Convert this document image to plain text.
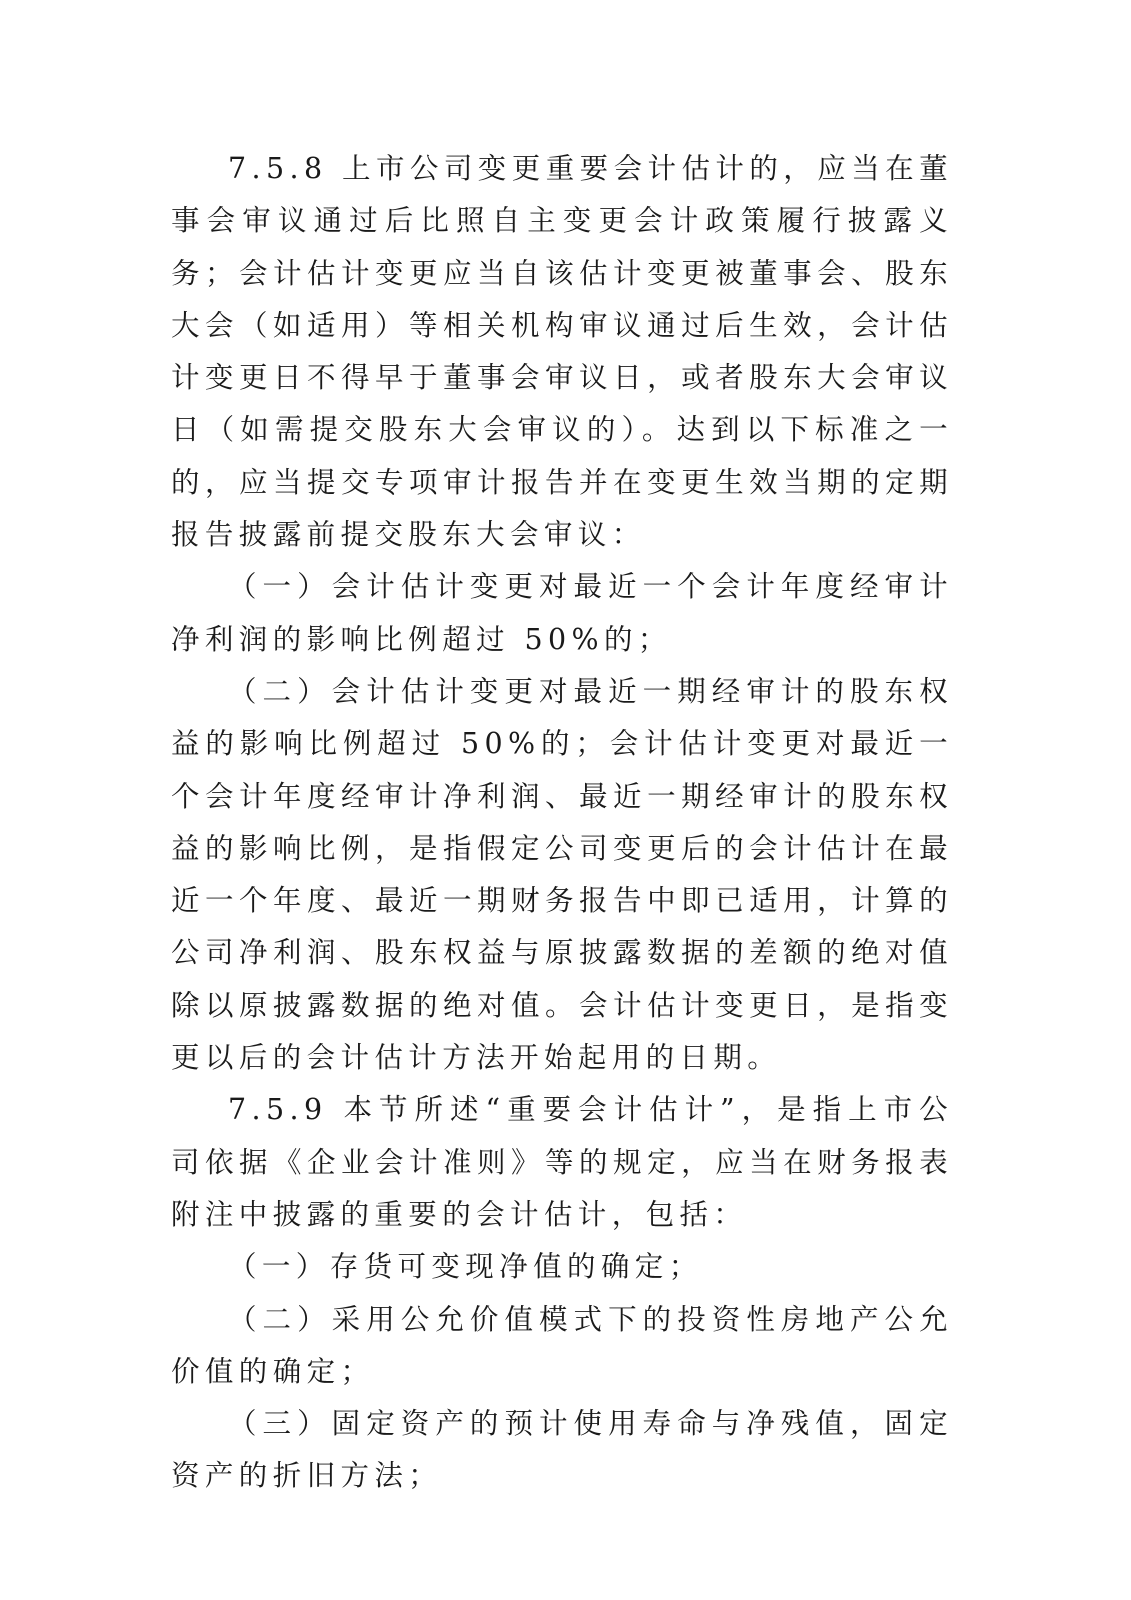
7.5.8 上市公司变更重要会计估计的，应当在董事会审议通过后比照自主变更会计政策履行披露义务；会计估计变更应当自该估计变更被董事会、股东大会（如适用）等相关机构审议通过后生效，会计估计变更日不得早于董事会审议日，或者股东大会审议日（如需提交股东大会审议的）。达到以下标准之一的，应当提交专项审计报告并在变更生效当期的定期报告披露前提交股东大会审议：

（一）会计估计变更对最近一个会计年度经审计净利润的影响比例超过 50%的；

（二）会计估计变更对最近一期经审计的股东权益的影响比例超过 50%的；会计估计变更对最近一个会计年度经审计净利润、最近一期经审计的股东权益的影响比例，是指假定公司变更后的会计估计在最近一个年度、最近一期财务报告中即已适用，计算的公司净利润、股东权益与原披露数据的差额的绝对值除以原披露数据的绝对值。会计估计变更日，是指变更以后的会计估计方法开始起用的日期。

7.5.9 本节所述“重要会计估计”，是指上市公司依据《企业会计准则》等的规定，应当在财务报表附注中披露的重要的会计估计，包括：

（一）存货可变现净值的确定；

（二）采用公允价值模式下的投资性房地产公允价值的确定；

（三）固定资产的预计使用寿命与净残值，固定资产的折旧方法；
